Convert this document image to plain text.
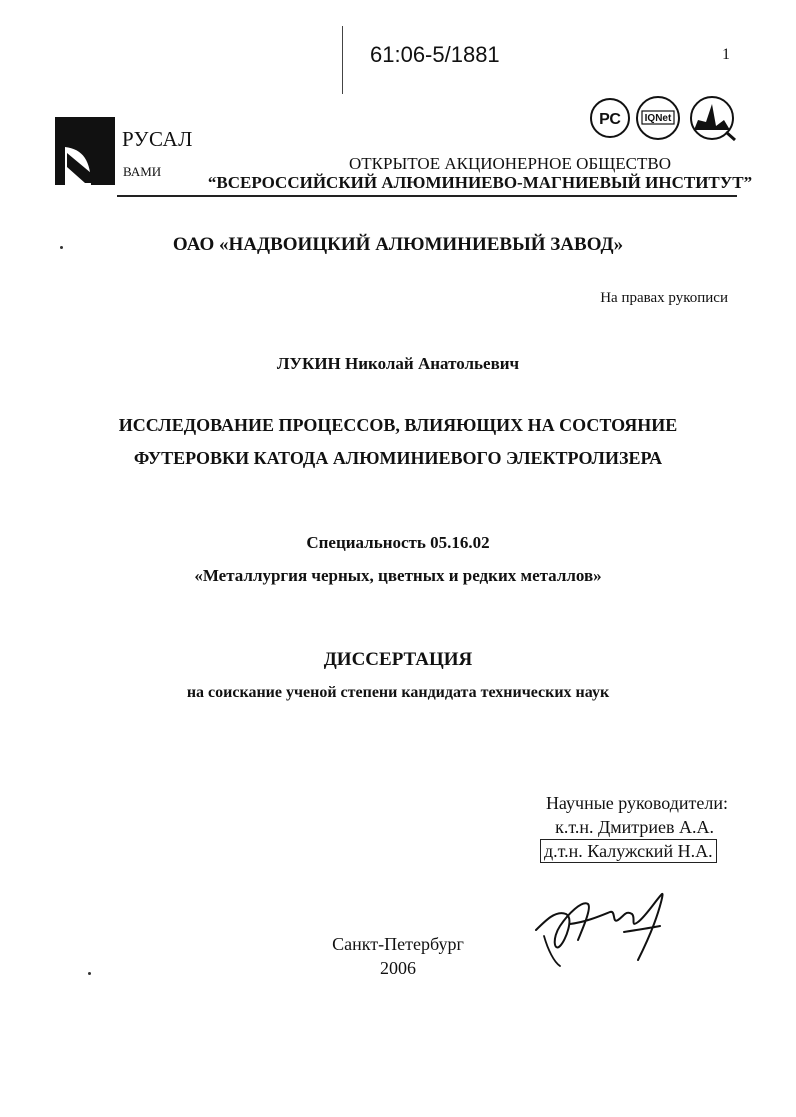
61:06-5/1881	1
РУСАЛ
ВАМИ
РС IQNet
ОТКРЫТОЕ АКЦИОНЕРНОЕ ОБЩЕСТВО
“ВСЕРОССИЙСКИЙ АЛЮМИНИЕВО-МАГНИЕВЫЙ ИНСТИТУТ”
ОАО «НАДВОИЦКИЙ АЛЮМИНИЕВЫЙ ЗАВОД»
На правах рукописи
ЛУКИН Николай Анатольевич
ИССЛЕДОВАНИЕ ПРОЦЕССОВ, ВЛИЯЮЩИХ НА СОСТОЯНИЕ
ФУТЕРОВКИ КАТОДА АЛЮМИНИЕВОГО ЭЛЕКТРОЛИЗЕРА
Специальность 05.16.02
«Металлургия черных, цветных и редких металлов»
ДИССЕРТАЦИЯ
на соискание ученой степени кандидата технических наук
Научные руководители:
к.т.н. Дмитриев А.А.
д.т.н. Калужский Н.А.
Санкт-Петербург
2006
